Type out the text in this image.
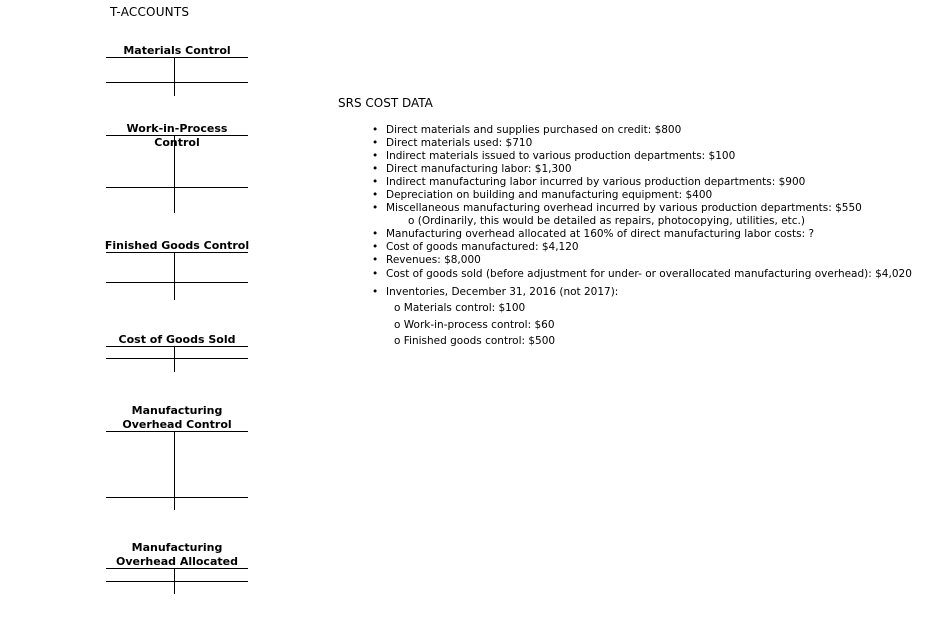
T-ACCOUNTS
Materials Control
Work-in-Process Control
Finished Goods Control
Cost of Goods Sold
Manufacturing
Overhead Control
Manufacturing
Overhead Allocated
SRS COST DATA
• Direct materials and supplies purchased on credit: $800
• Direct materials used: $710
• Indirect materials issued to various production departments: $100
• Direct manufacturing labor: $1,300
• Indirect manufacturing labor incurred by various production departments: $900
• Depreciation on building and manufacturing equipment: $400
• Miscellaneous manufacturing overhead incurred by various production departments: $550
o (Ordinarily, this would be detailed as repairs, photocopying, utilities, etc.)
• Manufacturing overhead allocated at 160% of direct manufacturing labor costs: ?
• Cost of goods manufactured: $4,120
• Revenues: $8,000
• Cost of goods sold (before adjustment for under- or overallocated manufacturing overhead): $4,020
• Inventories, December 31, 2016 (not 2017):
o Materials control: $100
o Work-in-process control: $60
o Finished goods control: $500
